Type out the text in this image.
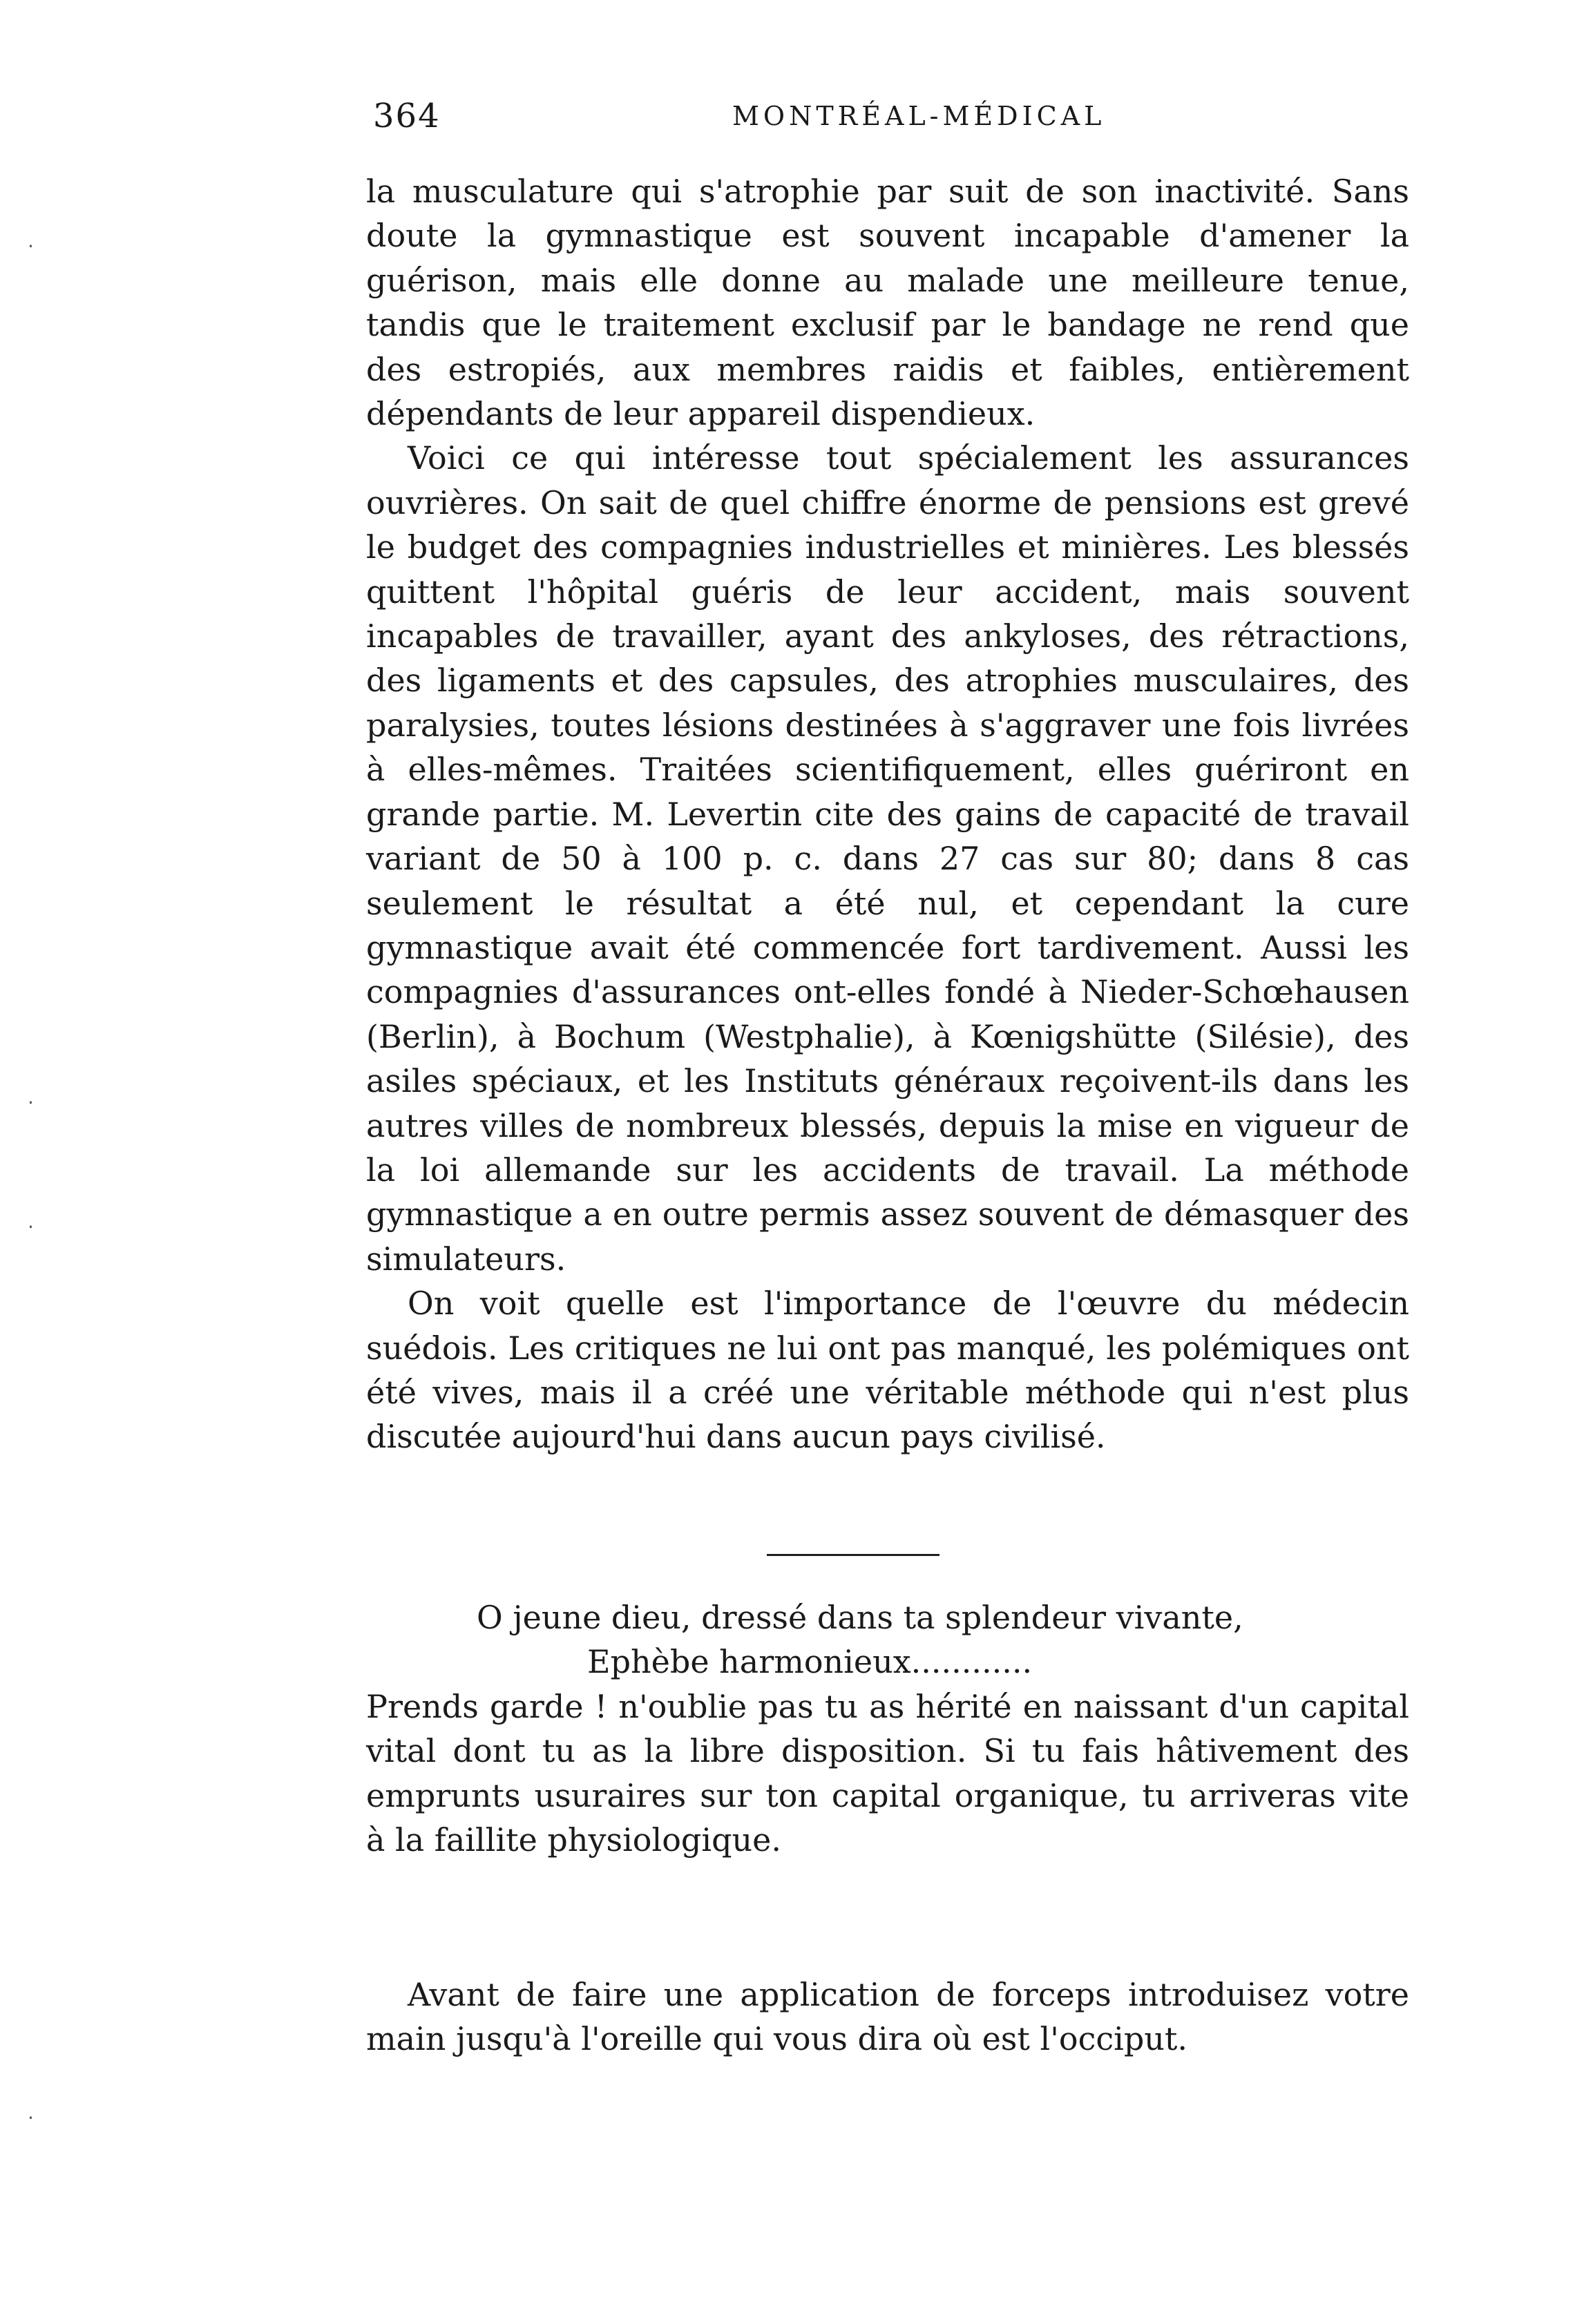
364	MONTRÉAL-MÉDICAL

la musculature qui s'atrophie par suit de son inactivité. Sans doute la gymnastique est souvent incapable d'amener la guérison, mais elle donne au malade une meilleure tenue, tandis que le traitement exclusif par le bandage ne rend que des estropiés, aux membres raidis et faibles, entièrement dépendants de leur appareil dispendieux.

Voici ce qui intéresse tout spécialement les assurances ouvrières. On sait de quel chiffre énorme de pensions est grevé le budget des compagnies industrielles et minières. Les blessés quittent l'hôpital guéris de leur accident, mais souvent incapables de travailler, ayant des ankyloses, des rétractions, des ligaments et des capsules, des atrophies musculaires, des paralysies, toutes lésions destinées à s'aggraver une fois livrées à elles-mêmes. Traitées scientifiquement, elles guériront en grande partie. M. Levertin cite des gains de capacité de travail variant de 50 à 100 p. c. dans 27 cas sur 80; dans 8 cas seulement le résultat a été nul, et cependant la cure gymnastique avait été commencée fort tardivement. Aussi les compagnies d'assurances ont-elles fondé à Nieder-Schœhausen (Berlin), à Bochum (Westphalie), à Kœnigshütte (Silésie), des asiles spéciaux, et les Instituts généraux reçoivent-ils dans les autres villes de nombreux blessés, depuis la mise en vigueur de la loi allemande sur les accidents de travail. La méthode gymnastique a en outre permis assez souvent de démasquer des simulateurs.

On voit quelle est l'importance de l'œuvre du médecin suédois. Les critiques ne lui ont pas manqué, les polémiques ont été vives, mais il a créé une véritable méthode qui n'est plus discutée aujourd'hui dans aucun pays civilisé.

O jeune dieu, dressé dans ta splendeur vivante,
Ephèbe harmonieux............
Prends garde ! n'oublie pas tu as hérité en naissant d'un capital vital dont tu as la libre disposition. Si tu fais hâtivement des emprunts usuraires sur ton capital organique, tu arriveras vite à la faillite physiologique.

Avant de faire une application de forceps introduisez votre main jusqu'à l'oreille qui vous dira où est l'occiput.

·
·
·
·
